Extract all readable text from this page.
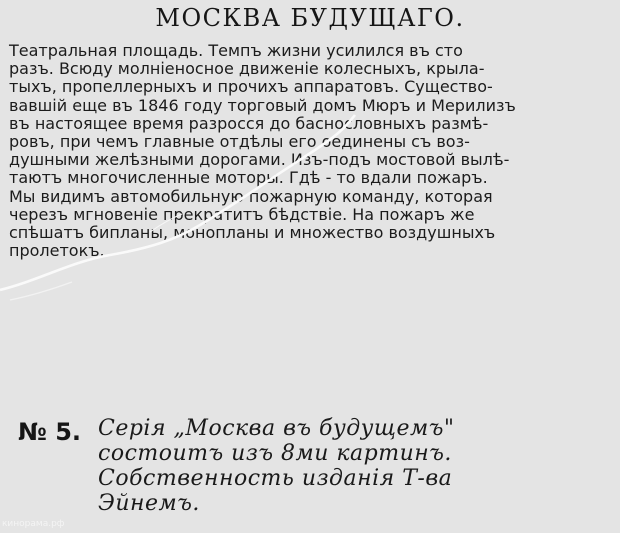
МОСКВА БУДУЩАГО.
Театральная площадь. Темпъ жизни усилился въ сто
разъ. Всюду молніеносное движеніе колесныхъ, крыла-
тыхъ, пропеллерныхъ и прочихъ аппаратовъ. Существо-
вавшій еще въ 1846 году торговый домъ Мюръ и Мерилизъ
въ настоящее время разросся до баснословныхъ размѣ-
ровъ, при чемъ главные отдѣлы его оединены съ воз-
душными желѣзными дорогами. Изъ-подъ мостовой вылѣ-
таютъ многочисленные моторы. Гдѣ - то вдали пожаръ.
Мы видимъ автомобильную пожарную команду, которая
черезъ мгновеніе прекратитъ бѣдствіе. На пожаръ же
спѣшатъ бипланы, монопланы и множество воздушныхъ
пролетокъ.
№ 5. Серія „Москва въ будущемъ"
состоитъ изъ 8ми картинъ.
Собственность изданія Т-ва
Эйнемъ.
кинорама.рф
